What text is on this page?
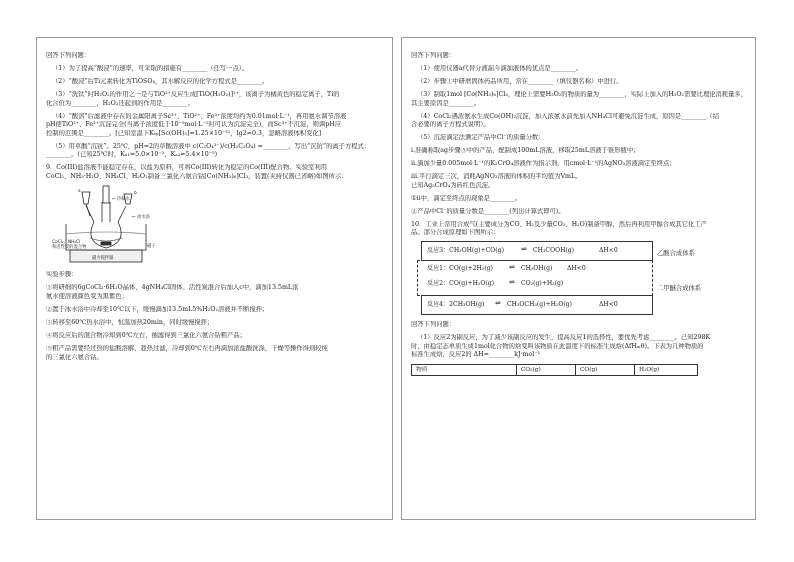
回答下列问题：
（1）为了提高“酸浸”的速率，可采取的措施有________（任写一点）。
（2）“酸浸”后Ti元素转化为TiOSO₄，其水解反应的化学方程式是________。
（3）“洗钛”时H₂O₂的作用之一是与TiO²⁺反应生成[TiO(H₂O₂)]²⁺，该离子为橘黄色的稳定离子，Ti的
化合价为________，H₂O₂还起到的作用是________。
（4）“酸溶”后滤液中存在的金属阳离子Sc³⁺、TiO²⁺、Fe³⁺浓度均约为0.01mol·L⁻¹，再用氨水调节溶液
pH使TiO²⁺、Fe³⁺沉淀完全(当离子浓度低于10⁻⁵mol·L⁻¹时可认为沉淀完全)，而Sc³⁺不沉淀，则调pH应
控制的范围是________。[已知室温下Kₛₚ[Sc(OH)₃]=1.25×10⁻³¹，lg2≈0.3，忽略溶液体积变化]
（5）用草酸“沉钪”。25℃，pH=2的草酸溶液中 c(C₂O₄²⁻)/c(H₂C₂O₄) =________，写出“沉钪”的离子方程式：
________。(已知25℃时，Kₐ₁=5.0×10⁻²，Kₐ₂=5.4×10⁻⁵)
9．Co(III)盐溶液不能稳定存在，以盐为原料，可将Co(III)转化为稳定的Co(III)配合物。实验室利用
CoCl₂、NH₃·H₂O、NH₄Cl、H₂O₂制备三氯化六氨合钴[Co(NH₃)₆]Cl₃，装置(夹持仪器已省略)如图所示：
a	b
← 冷凝水
← 冰水浴
磁子
CoCl₂、NH₄Cl
和活性炭的混合物
磁力搅拌器
实验步骤：
①将研细的6gCoCl₂·6H₂O晶体、4gNH₄Cl固体、活性炭混合后加入c中，滴加13.5mL浓
氨水使溶液颜色变为黑紫色；
②置于冰水浴中冷却至10℃以下，缓慢滴加13.5mL5%H₂O₂溶液并不断搅拌；
③转移至60℃热水浴中，恒温加热20min，同时缓慢搅拌；
④将反应后的混合物冷却到0℃左右，抽滤得到三氯化六氨合钴粗产品；
⑤粗产品需要经过热的盐酸溶解、趁热过滤，冷却到0℃左右再滴加浓盐酸洗涤，干燥等操作得到较纯
的三氯化六氨合钴。
回答下列问题：
（1）使用仪器a代替分液漏斗滴加液体的优点是________。
（2）步骤①中研磨固体药品所用，常在________（填仪器名称）中进行。
（3）制取1mol [Co(NH₃)₆]Cl₃，理论上需要H₂O₂的物质的量为________，实际上加入的H₂O₂需要比理论消耗量多，
其主要原因是________。
（4）CoCl₂遇浓氨水生成Co(OH)₂沉淀，加入浓氨水前先加入NH₄Cl可避免沉淀生成，原因是________（结
合必要的离子方程式说明）。
（5）沉淀滴定法测定产品中Cl⁻的质量分数：
ⅰ.准确称取ag步骤⑤中的产品，配制成100mL溶液，移取25mL溶液于锥形瓶中；
ⅱ.滴加少量0.005mol·L⁻¹的K₂CrO₄溶液作为指示剂，用cmol·L⁻¹的AgNO₃溶液滴定至终点；
ⅲ.平行滴定三次，消耗AgNO₃溶液的体积的平均值为VmL。
已知Ag₂CrO₄为砖红色沉淀。
①ⅱ中，滴定至终点的现象是________。
②产品中Cl⁻的质量分数是________(列出计算式即可)。
10．工业上常用合成气(主要成分为CO、H₂及少量CO₂、H₂O)制备甲醇，然后再利用甲醇合成其它化工产
品。部分合成原理如下图所示：
反应3：CH₃OH(g)+CO(g) ⇌ CH₃COOH(g)	ΔH<0	乙酸合成体系
反应1：CO(g)+2H₂(g) ⇌ CH₃OH(g) ΔH<0
反应2：CO(g)+H₂O(g) ⇌ CO₂(g)+H₂(g)
二甲醚合成体系
反应4：2CH₃OH(g) ⇌ CH₃OCH₃(g)+H₂O(g)	ΔH<0
回答下列问题：
（1）反应2为副反应，为了减少该副反应的发生，提高反应1的选择性，要优先考虑________。已知298K
时，由稳定态单质生成1mol化合物的焓变叫该物质在此温度下的标准生成焓(ΔfHₘθ)。下表为几种物质的
标准生成焓，反应2的 ΔH=________kJ·mol⁻¹
物质	CO₂(g)	CO(g)	H₂O(g)
